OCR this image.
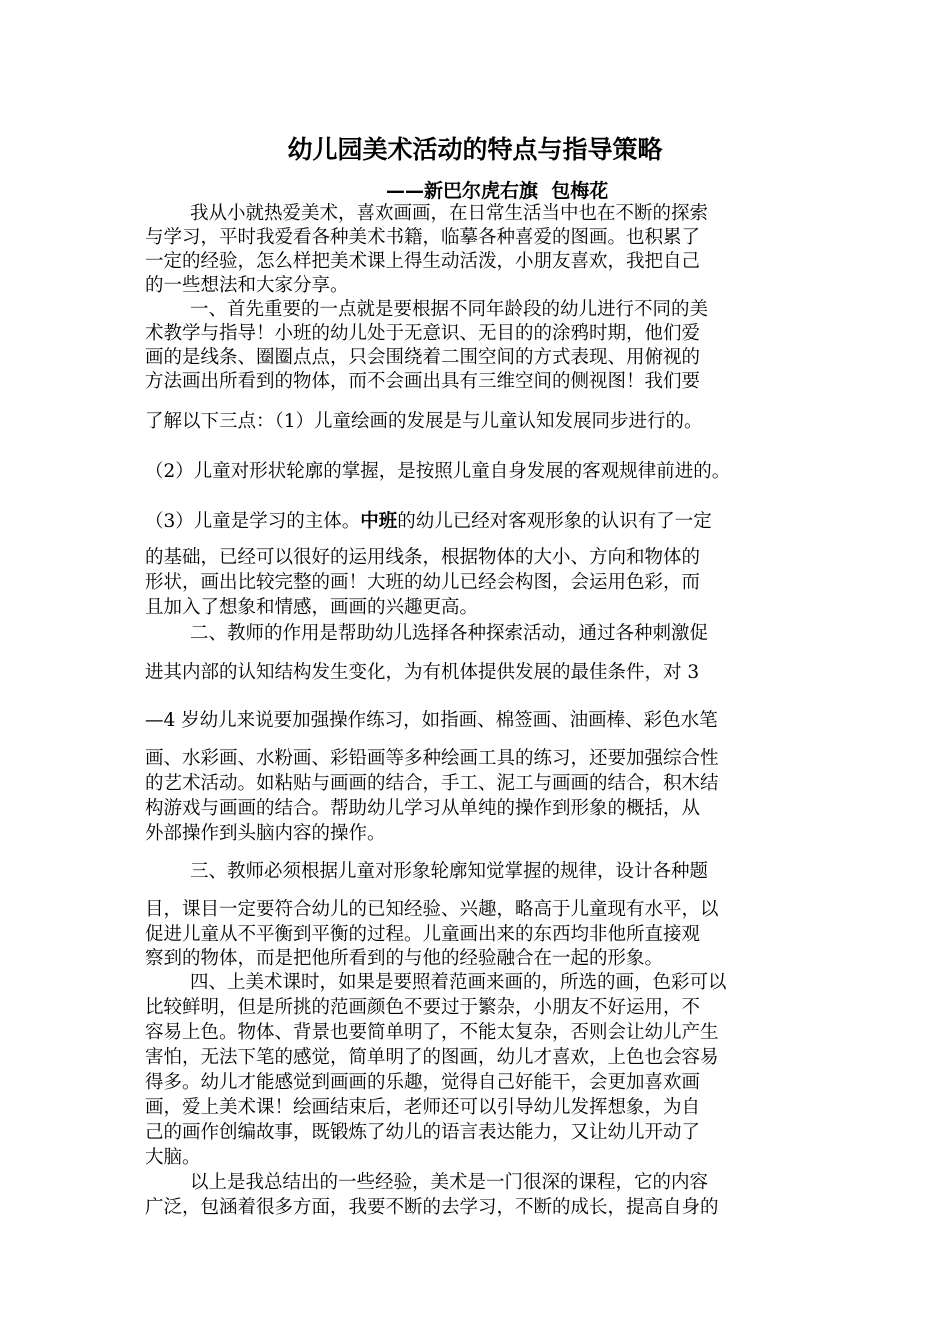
幼儿园美术活动的特点与指导策略
——新巴尔虎右旗  包梅花
我从小就热爱美术，喜欢画画，在日常生活当中也在不断的探索
与学习，平时我爱看各种美术书籍，临摹各种喜爱的图画。也积累了
一定的经验，怎么样把美术课上得生动活泼，小朋友喜欢，我把自己
的一些想法和大家分享。
一、首先重要的一点就是要根据不同年龄段的幼儿进行不同的美
术教学与指导！小班的幼儿处于无意识、无目的的涂鸦时期，他们爱
画的是线条、圈圈点点，只会围绕着二围空间的方式表现、用俯视的
方法画出所看到的物体，而不会画出具有三维空间的侧视图！我们要
了解以下三点：（1）儿童绘画的发展是与儿童认知发展同步进行的。
（2）儿童对形状轮廓的掌握，是按照儿童自身发展的客观规律前进的。
（3）儿童是学习的主体。中班的幼儿已经对客观形象的认识有了一定
的基础，已经可以很好的运用线条，根据物体的大小、方向和物体的
形状，画出比较完整的画！大班的幼儿已经会构图，会运用色彩，而
且加入了想象和情感，画画的兴趣更高。
二、教师的作用是帮助幼儿选择各种探索活动，通过各种刺激促
进其内部的认知结构发生变化，为有机体提供发展的最佳条件，对 3
—4 岁幼儿来说要加强操作练习，如指画、棉签画、油画棒、彩色水笔
画、水彩画、水粉画、彩铅画等多种绘画工具的练习，还要加强综合性
的艺术活动。如粘贴与画画的结合，手工、泥工与画画的结合，积木结
构游戏与画画的结合。帮助幼儿学习从单纯的操作到形象的概括，从
外部操作到头脑内容的操作。
三、教师必须根据儿童对形象轮廓知觉掌握的规律，设计各种题
目，课目一定要符合幼儿的已知经验、兴趣，略高于儿童现有水平，以
促进儿童从不平衡到平衡的过程。儿童画出来的东西均非他所直接观
察到的物体，而是把他所看到的与他的经验融合在一起的形象。
四、上美术课时，如果是要照着范画来画的，所选的画，色彩可以
比较鲜明，但是所挑的范画颜色不要过于繁杂，小朋友不好运用，不
容易上色。物体、背景也要简单明了，不能太复杂，否则会让幼儿产生
害怕，无法下笔的感觉，简单明了的图画，幼儿才喜欢，上色也会容易
得多。幼儿才能感觉到画画的乐趣，觉得自己好能干，会更加喜欢画
画，爱上美术课！绘画结束后，老师还可以引导幼儿发挥想象，为自
己的画作创编故事，既锻炼了幼儿的语言表达能力，又让幼儿开动了
大脑。
以上是我总结出的一些经验，美术是一门很深的课程，它的内容
广泛，包涵着很多方面，我要不断的去学习，不断的成长，提高自身的
